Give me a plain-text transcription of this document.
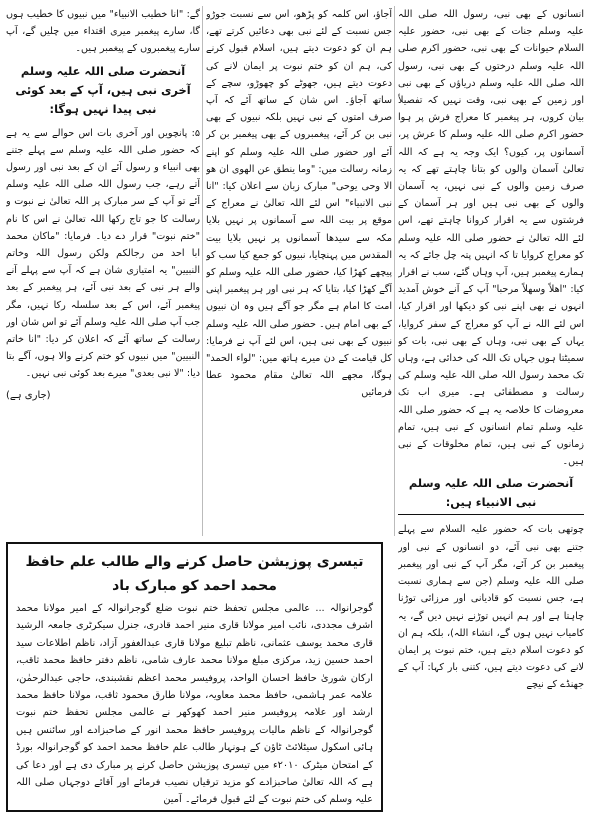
انسانوں کے بھی نبی، رسول اللہ صلی اللہ علیہ وسلم جنات کے بھی نبی، حضور علیہ السلام حیوانات کے بھی نبی، حضور اکرم صلی اللہ علیہ وسلم درختوں کے بھی نبی، رسول اللہ صلی اللہ علیہ وسلم دریاؤں کے بھی نبی اور زمین کے بھی نبی، وقت نہیں کہ تفصیلاً بیان کروں، ہر پیغمبر کا معراج فرش پر ہوا حضور اکرم صلی اللہ علیہ وسلم کا عرش پر، آسمانوں پر، کیوں؟ ایک وجہ یہ ہے کہ اللہ تعالیٰ آسمان والوں کو بتانا چاہتے تھے کہ یہ صرف زمین والوں کے نبی نہیں، یہ آسمان والوں کے بھی نبی ہیں اور ہر آسمان کے فرشتوں سے یہ اقرار کروانا چاہتے تھے، اس لئے اللہ تعالیٰ نے حضور صلی اللہ علیہ وسلم کو معراج کروایا تا کہ انہیں پتہ چل جائے کہ یہ ہمارے پیغمبر ہیں، آپ وہاں گئے، سب نے اقرار کیا: "اھلاً وسھلاً مرحبا" آپ کے آنے خوش آمدید انہوں نے بھی اپنے نبی کو دیکھا اور اقرار کیا، اس لئے اللہ نے آپ کو معراج کے سفر کروایا، یہاں کے بھی نبی، وہاں کے بھی نبی، بات کو سمیٹتا ہوں جہاں تک اللہ کی خدائی ہے، وہاں تک محمد رسول اللہ صلی اللہ علیہ وسلم کی رسالت و مصطفائی ہے۔ میری اب تک معروضات کا خلاصہ یہ ہے کہ حضور صلی اللہ علیہ وسلم تمام انسانوں کے نبی ہیں، تمام زمانوں کے نبی ہیں، تمام مخلوقات کے نبی ہیں۔

آنحضرت صلی اللہ علیہ وسلم نبی الانبیاء ہیں:

چوتھی بات کہ حضور علیہ السلام سے پہلے جتنے بھی نبی آئے، دو انسانوں کے نبی اور پیغمبر بن کر آئے، مگر آپ کے نبی اور پیغمبر صلی اللہ علیہ وسلم (جن سے ہماری نسبت ہے، جس نسبت کو قادیانی اور مرزائی توڑنا چاہتا ہے اور ہم انہیں توڑنے نہیں دیں گے، یہ کامیاب نہیں ہوں گے، انشاء اللہ)، بلکہ ہم ان کو دعوت اسلام دیتے ہیں، ختم نبوت پر ایمان لانے کی دعوت دیتے ہیں، کتنی بار کہا: آپ کے جھنڈے کے نیچے

آجاؤ، اس کلمہ کو پڑھو، اس سے نسبت جوڑو جس نسبت کے لئے نبی بھی دعائیں کرتے تھے، ہم ان کو دعوت دیتے ہیں، اسلام قبول کرنے کی، ہم ان کو ختم نبوت پر ایمان لانے کی دعوت دیتے ہیں، جھوٹے کو چھوڑو، سچے کے ساتھ آجاؤ۔ اس شان کے ساتھ آئے کہ آپ صرف امتوں کے نبی نہیں بلکہ نبیوں کے بھی نبی بن کر آئے، پیغمبروں کے بھی پیغمبر بن کر آئے اور حضور صلی اللہ علیہ وسلم کو اپنے زمانہ رسالت میں: "وما ینطق عن الھوی ان ھو الا وحی یوحی" مبارک زبان سے اعلان کیا: "انا نبی الانبیاء" اس لئے اللہ تعالیٰ نے معراج کے موقع پر بیت اللہ سے آسمانوں پر نہیں بلایا مکہ سے سیدھا آسمانوں پر نہیں بلایا بیت المقدس میں پہنچایا، نبیوں کو جمع کیا سب کو پیچھے کھڑا کیا، حضور صلی اللہ علیہ وسلم کو آگے کھڑا کیا، بتایا کہ ہر نبی اور ہر پیغمبر اپنی امت کا امام ہے مگر جو آگے ہیں وہ ان نبیوں کے بھی امام ہیں۔ حضور صلی اللہ علیہ وسلم نبیوں کے بھی نبی ہیں، اس لئے آپ نے فرمایا: کل قیامت کے دن میرے ہاتھ میں: "لواء الحمد" ہوگا، مجھے اللہ تعالیٰ مقام محمود عطا فرمائیں

گے: "انا خطیب الانبیاء" میں نبیوں کا خطیب ہوں گا، سارے پیغمبر میری اقتداء میں چلیں گے، آپ سارے پیغمبروں کے پیغمبر ہیں۔

آنحضرت صلی اللہ علیہ وسلم آخری نبی ہیں، آپ کے بعد کوئی نبی پیدا نہیں ہوگا:

۵: پانچویں اور آخری بات اس حوالے سے یہ ہے کہ حضور صلی اللہ علیہ وسلم سے پہلے جتنے بھی انبیاء و رسول آئے ان کے بعد نبی اور رسول آتے رہے، جب رسول اللہ صلی اللہ علیہ وسلم آئے تو آپ کے سر مبارک پر اللہ تعالیٰ نے نبوت و رسالت کا جو تاج رکھا اللہ تعالیٰ نے اس کا نام "ختم نبوت" قرار دے دیا۔ فرمایا: "ماکان محمد ابا احد من رجالکم ولکن رسول اللہ وخاتم النبیین" یہ امتیازی شان ہے کہ آپ سے پہلے آنے والے ہر نبی کے بعد نبی آئے، ہر پیغمبر کے بعد پیغمبر آئے، اس کے بعد سلسلہ رکا نہیں، مگر جب آپ صلی اللہ علیہ وسلم آئے تو اس شان اور رسالت کے ساتھ آئے کہ اعلان کر دیا: "انا خاتم النبیین" میں نبیوں کو ختم کرنے والا ہوں، آگے بتا دیا: "لا نبی بعدی" میرے بعد کوئی نبی نہیں۔

(جاری ہے)
تیسری پوزیشن حاصل کرنے والے طالب علم حافظ محمد احمد کو مبارک باد
گوجرانوالہ ... عالمی مجلس تحفظ ختم نبوت ضلع گوجرانوالہ کے امیر مولانا محمد اشرف مجددی، نائب امیر مولانا قاری منیر احمد قادری، جنرل سیکرٹری جامعہ الرشید قاری محمد یوسف عثمانی، ناظم تبلیغ مولانا قاری عبدالغفور آزاد، ناظم اطلاعات سید احمد حسین زید، مرکزی مبلغ مولانا محمد عارف شامی، ناظم دفتر حافظ محمد ثاقب، ارکان شوریٰ حافظ احسان الواحد، پروفیسر محمد اعظم نقشبندی، حاجی عبدالرحمٰن، علامہ عمر ہاشمی، حافظ محمد معاویہ، مولانا طارق محمود ثاقب، مولانا حافظ محمد ارشد اور علامہ پروفیسر منیر احمد کھوکھر نے عالمی مجلس تحفظ ختم نبوت گوجرانوالہ کے ناظم مالیات پروفیسر حافظ محمد انور کے صاحبزادے اور سائنس ہیں ہائی اسکول سیٹلائٹ ٹاؤن کے ہونہار طالب علم حافظ محمد احمد کو گوجرانوالہ بورڈ کے امتحان میٹرک ۲۰۱۰ء میں تیسری پوزیشن حاصل کرنے پر مبارک دی ہے اور دعا کی ہے کہ اللہ تعالیٰ صاحبزادے کو مزید ترقیاں نصیب فرمائے اور آقائے دوجہاں صلی اللہ علیہ وسلم کی ختم نبوت کے لئے قبول فرمائے۔ آمین
